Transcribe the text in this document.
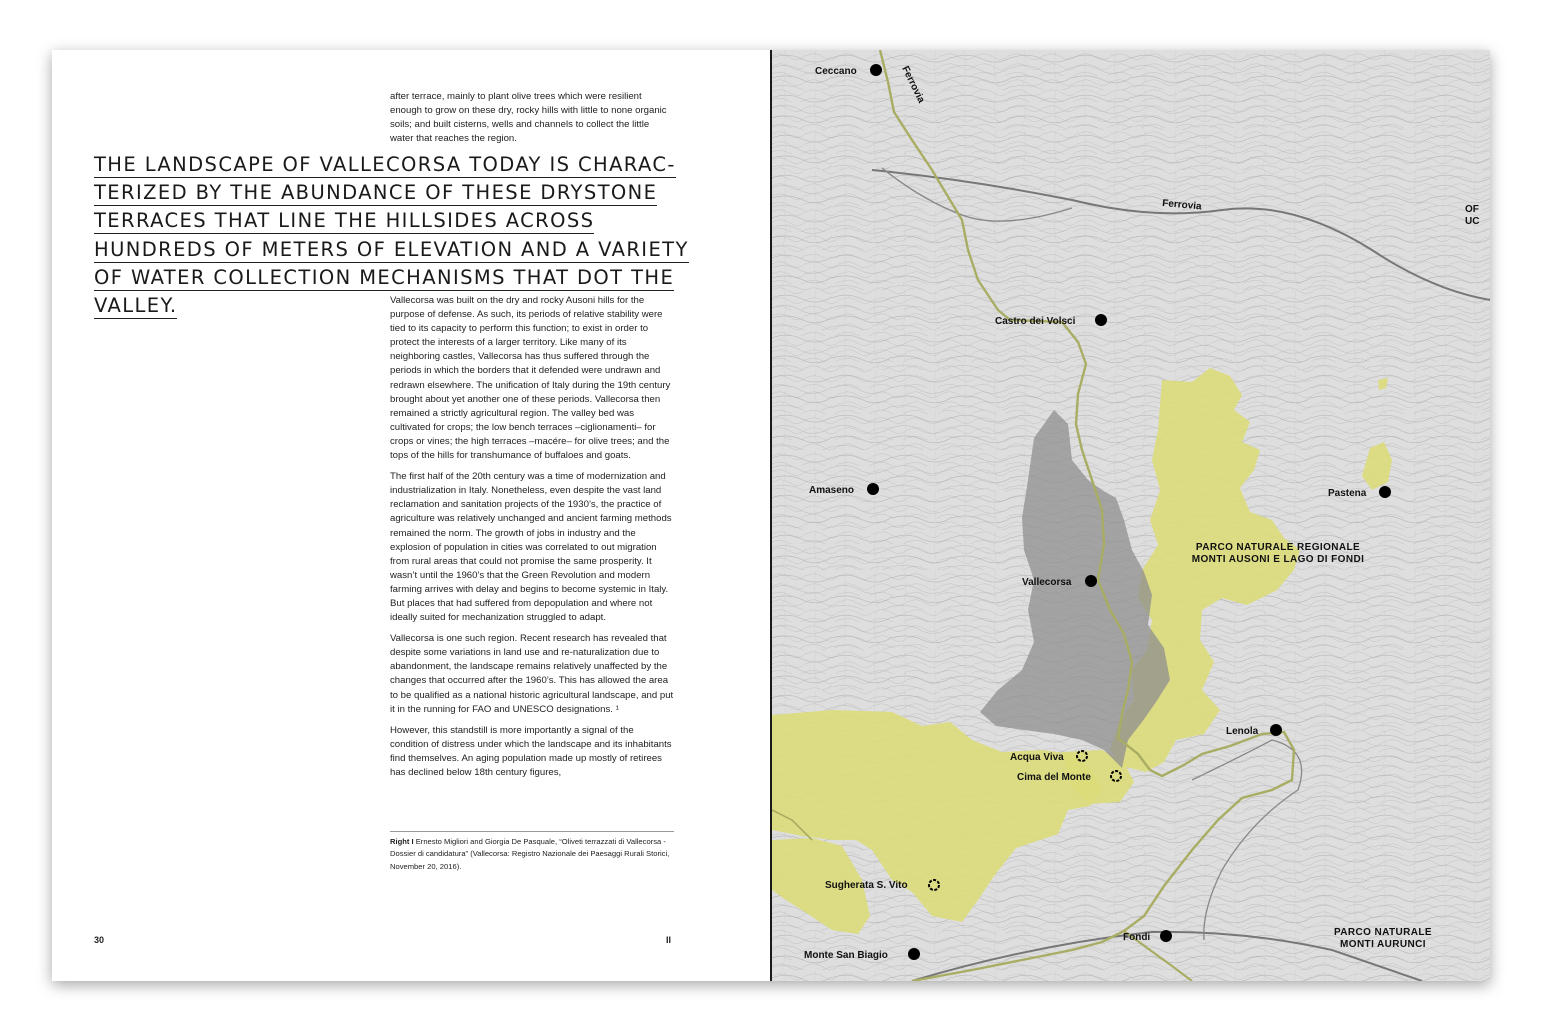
after terrace, mainly to plant olive trees which were resilient enough to grow on these dry, rocky hills with little to none organic soils; and built cisterns, wells and channels to collect the little water that reaches the region.

THE LANDSCAPE OF VALLECORSA TODAY IS CHARAC-
TERIZED BY THE ABUNDANCE OF THESE DRYSTONE
TERRACES THAT LINE THE HILLSIDES ACROSS
HUNDREDS OF METERS OF ELEVATION AND A VARIETY
OF WATER COLLECTION MECHANISMS THAT DOT THE
VALLEY.	Vallecorsa was built on the dry and rocky Ausoni hills for the purpose of defense. As such, its periods of relative stability were tied to its capacity to perform this function; to exist in order to protect the interests of a larger territory. Like many of its neighboring castles, Vallecorsa has thus suffered through the periods in which the borders that it defended were undrawn and redrawn elsewhere. The unification of Italy during the 19th century brought about yet another one of these periods. Vallecorsa then remained a strictly agricultural region. The valley bed was cultivated for crops; the low bench terraces –ciglionamenti– for crops or vines; the high terraces –macére– for olive trees; and the tops of the hills for transhumance of buffaloes and goats.

The first half of the 20th century was a time of modernization and industrialization in Italy. Nonetheless, even despite the vast land reclamation and sanitation projects of the 1930’s, the practice of agriculture was relatively unchanged and ancient farming methods remained the norm. The growth of jobs in industry and the explosion of population in cities was correlated to out migration from rural areas that could not promise the same prosperity. It wasn’t until the 1960’s that the Green Revolution and modern farming arrives with delay and begins to become systemic in Italy. But places that had suffered from depopulation and where not ideally suited for mechanization struggled to adapt.

Vallecorsa is one such region. Recent research has revealed that despite some variations in land use and re-naturalization due to abandonment, the landscape remains relatively unaffected by the changes that occurred after the 1960’s. This has allowed the area to be qualified as a national historic agricultural landscape, and put it in the running for FAO and UNESCO designations. ¹

However, this standstill is more importantly a signal of the condition of distress under which the landscape and its inhabitants find themselves. An aging population made up mostly of retirees has declined below 18th century figures,

Right I Ernesto Migliori and Giorgia De Pasquale, “Oliveti terrazzati di Vallecorsa - Dossier di candidatura” (Vallecorsa: Registro Nazionale dei Paesaggi Rurali Storici, November 20, 2016).
30	II
Ferrovia
Ferrovia
UC
OF
Ceccano
Castro dei Volsci
Amaseno	Pastena
Vallecorsa
Lenola
Fondi
Monte San Biagio
Acqua Viva
Cima del Monte
Sugherata S. Vito
PARCO NATURALE REGIONALE
MONTI AUSONI E LAGO DI FONDI
PARCO NATURALE
MONTI AURUNCI
